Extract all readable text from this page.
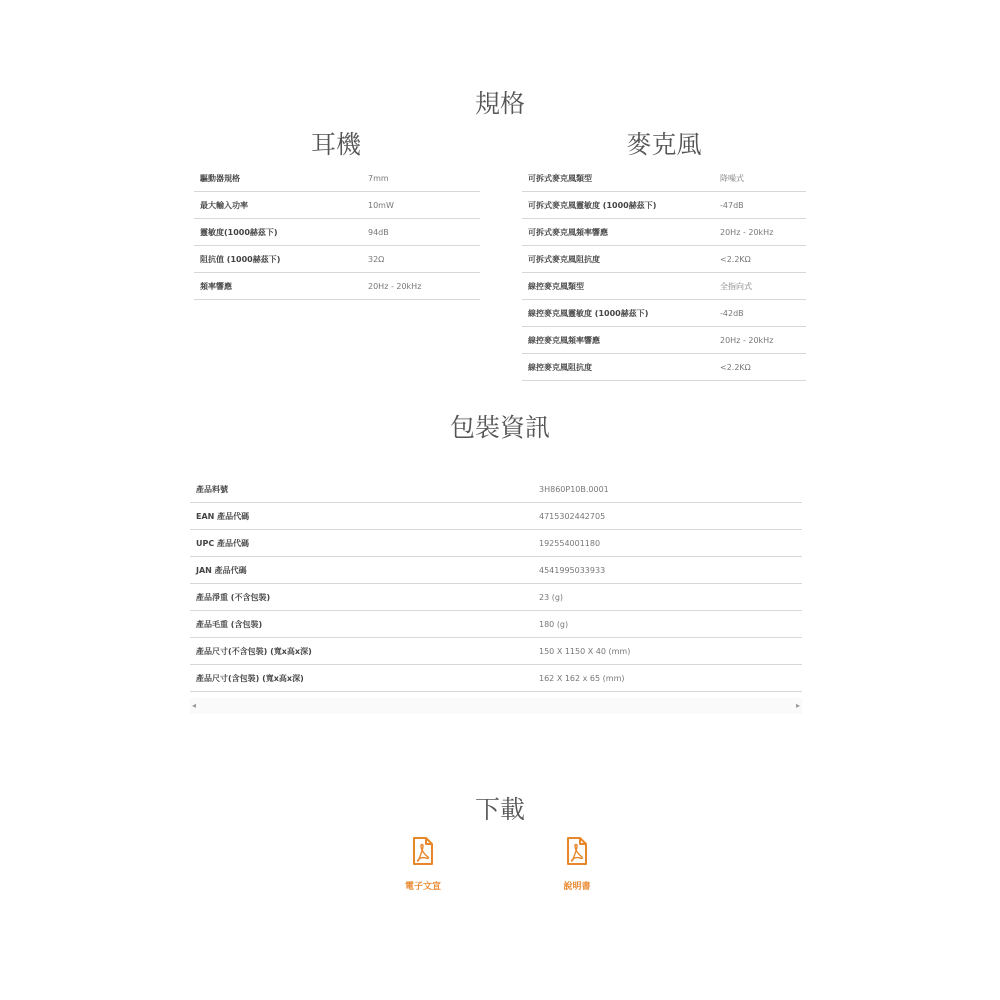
規格
耳機	麥克風
驅動器規格	7mm
最大輸入功率	10mW
靈敏度(1000赫茲下)	94dB
阻抗值 (1000赫茲下)	32Ω
頻率響應	20Hz - 20kHz
可拆式麥克風類型	降噪式
可拆式麥克風靈敏度 (1000赫茲下)	-47dB
可拆式麥克風頻率響應	20Hz - 20kHz
可拆式麥克風阻抗度	<2.2KΩ
線控麥克風類型	全指向式
線控麥克風靈敏度 (1000赫茲下)	-42dB
線控麥克風頻率響應	20Hz - 20kHz
線控麥克風阻抗度	<2.2KΩ
包裝資訊
產品料號	3H860P10B.0001
EAN 產品代碼	4715302442705
UPC 產品代碼	192554001180
JAN 產品代碼	4541995033933
產品淨重 (不含包裝)	23 (g)
產品毛重 (含包裝)	180 (g)
產品尺寸(不含包裝) (寬x高x深)	150 X 1150 X 40 (mm)
產品尺寸(含包裝) (寬x高x深)	162 X 162 x 65 (mm)
◂	▸
下載
電子文宣	說明書
